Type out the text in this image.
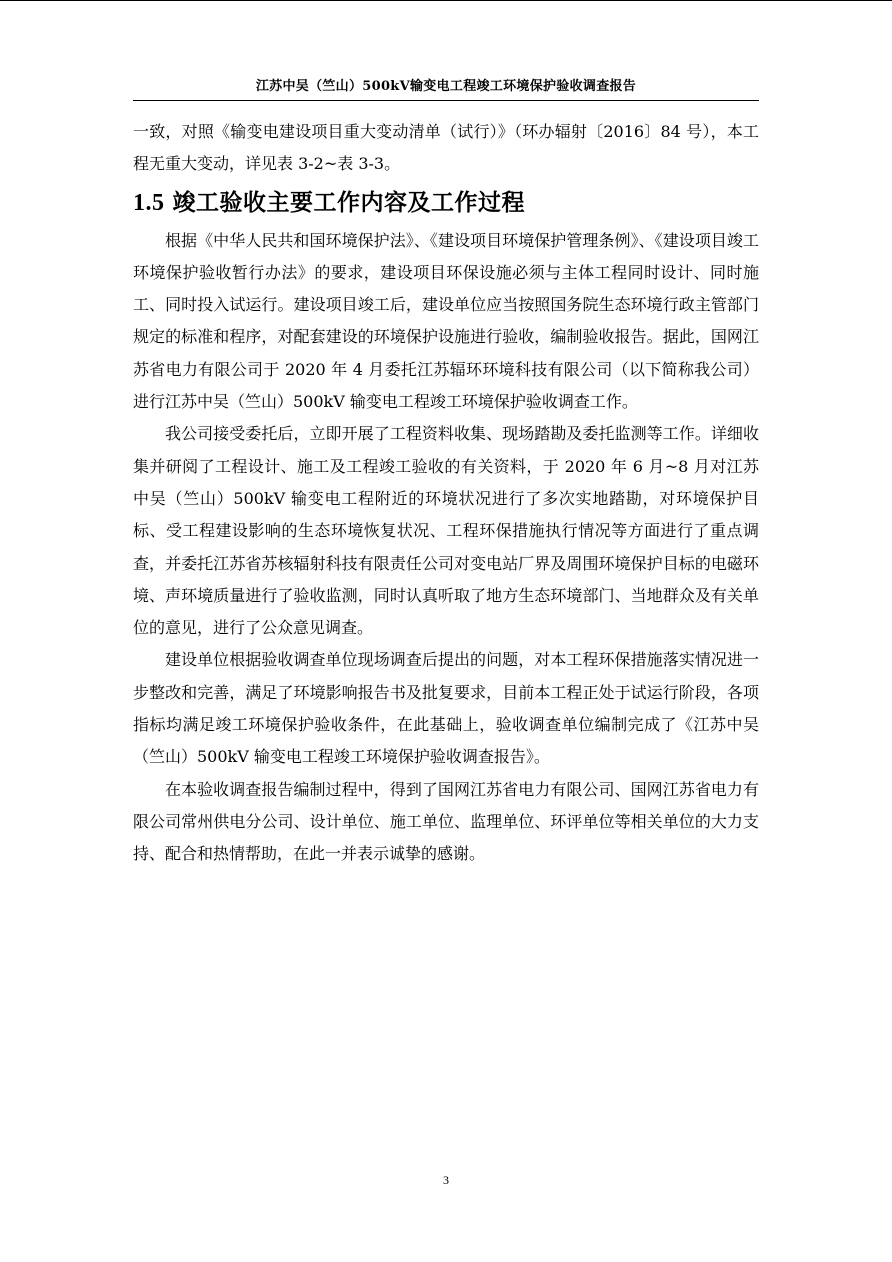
江苏中吴（竺山）500kV输变电工程竣工环境保护验收调查报告

一致，对照《输变电建设项目重大变动清单（试行）》（环办辐射〔2016〕84 号），本工程无重大变动，详见表 3-2~表 3-3。

1.5 竣工验收主要工作内容及工作过程

根据《中华人民共和国环境保护法》、《建设项目环境保护管理条例》、《建设项目竣工环境保护验收暂行办法》的要求，建设项目环保设施必须与主体工程同时设计、同时施工、同时投入试运行。建设项目竣工后，建设单位应当按照国务院生态环境行政主管部门规定的标准和程序，对配套建设的环境保护设施进行验收，编制验收报告。据此，国网江苏省电力有限公司于 2020 年 4 月委托江苏辐环环境科技有限公司（以下简称我公司）进行江苏中吴（竺山）500kV 输变电工程竣工环境保护验收调查工作。

我公司接受委托后，立即开展了工程资料收集、现场踏勘及委托监测等工作。详细收集并研阅了工程设计、施工及工程竣工验收的有关资料，于 2020 年 6 月~8 月对江苏中吴（竺山）500kV 输变电工程附近的环境状况进行了多次实地踏勘，对环境保护目标、受工程建设影响的生态环境恢复状况、工程环保措施执行情况等方面进行了重点调查，并委托江苏省苏核辐射科技有限责任公司对变电站厂界及周围环境保护目标的电磁环境、声环境质量进行了验收监测，同时认真听取了地方生态环境部门、当地群众及有关单位的意见，进行了公众意见调查。

建设单位根据验收调查单位现场调查后提出的问题，对本工程环保措施落实情况进一步整改和完善，满足了环境影响报告书及批复要求，目前本工程正处于试运行阶段，各项指标均满足竣工环境保护验收条件，在此基础上，验收调查单位编制完成了《江苏中吴（竺山）500kV 输变电工程竣工环境保护验收调查报告》。

在本验收调查报告编制过程中，得到了国网江苏省电力有限公司、国网江苏省电力有限公司常州供电分公司、设计单位、施工单位、监理单位、环评单位等相关单位的大力支持、配合和热情帮助，在此一并表示诚挚的感谢。

3
